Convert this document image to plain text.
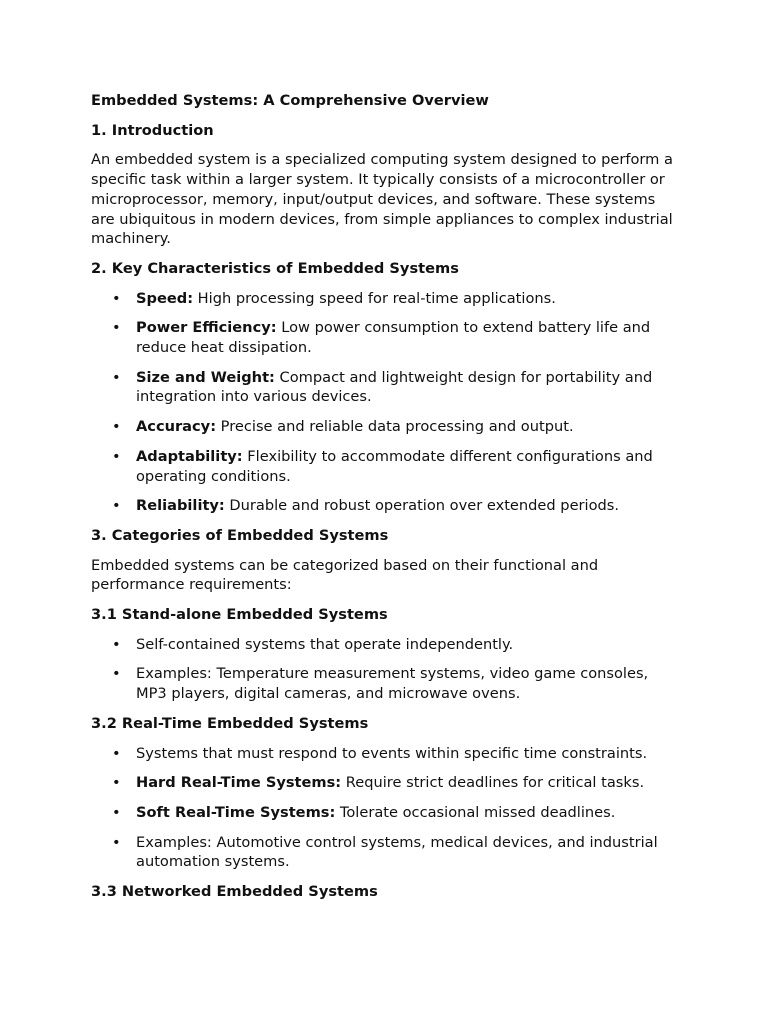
Embedded Systems: A Comprehensive Overview
1. Introduction
An embedded system is a specialized computing system designed to perform a specific task within a larger system. It typically consists of a microcontroller or microprocessor, memory, input/output devices, and software. These systems are ubiquitous in modern devices, from simple appliances to complex industrial machinery.
2. Key Characteristics of Embedded Systems
• Speed: High processing speed for real-time applications.
• Power Efficiency: Low power consumption to extend battery life and reduce heat dissipation.
• Size and Weight: Compact and lightweight design for portability and integration into various devices.
• Accuracy: Precise and reliable data processing and output.
• Adaptability: Flexibility to accommodate different configurations and operating conditions.
• Reliability: Durable and robust operation over extended periods.
3. Categories of Embedded Systems
Embedded systems can be categorized based on their functional and performance requirements:
3.1 Stand-alone Embedded Systems
• Self-contained systems that operate independently.
• Examples: Temperature measurement systems, video game consoles, MP3 players, digital cameras, and microwave ovens.
3.2 Real-Time Embedded Systems
• Systems that must respond to events within specific time constraints.
• Hard Real-Time Systems: Require strict deadlines for critical tasks.
• Soft Real-Time Systems: Tolerate occasional missed deadlines.
• Examples: Automotive control systems, medical devices, and industrial automation systems.
3.3 Networked Embedded Systems
